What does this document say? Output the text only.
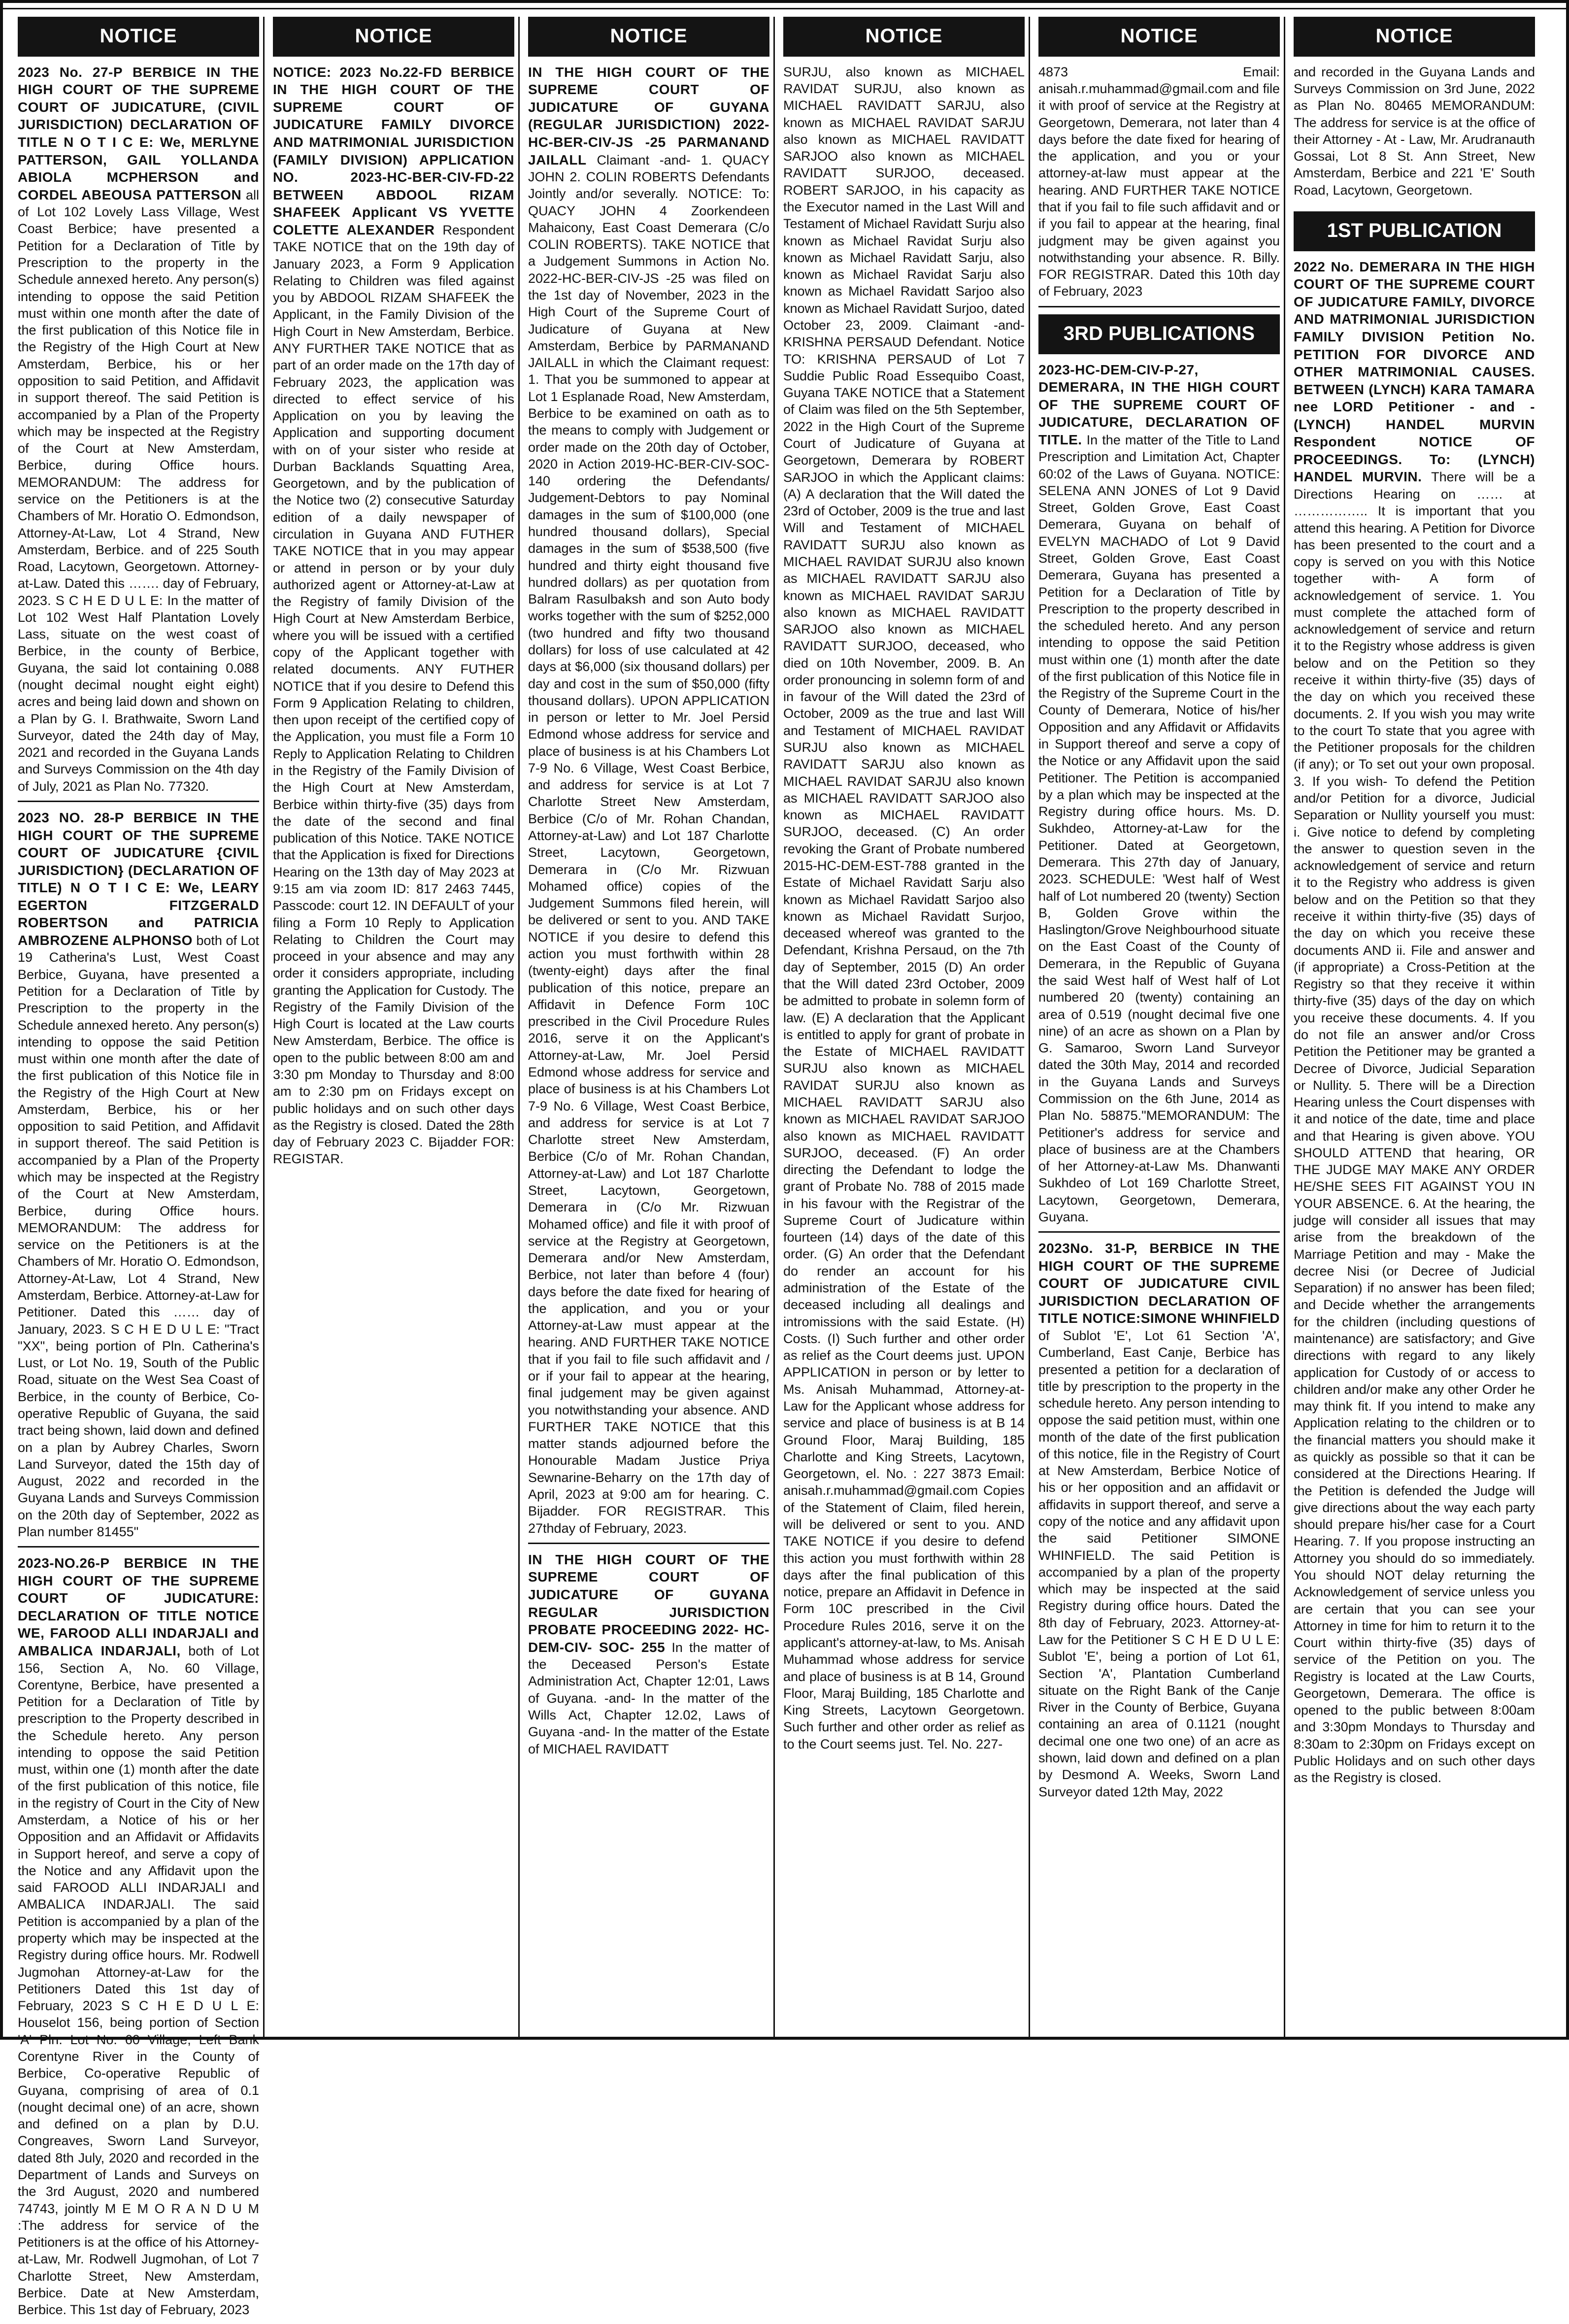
NOTICE

2023 No. 27-P BERBICE IN THE HIGH COURT OF THE SUPREME COURT OF JUDICATURE, (CIVIL JURISDICTION) DECLARATION OF TITLE N O T I C E: We, MERLYNE PATTERSON, GAIL YOLLANDA ABIOLA MCPHERSON and CORDEL ABEOUSA PATTERSON all of Lot 102 Lovely Lass Village, West Coast Berbice; have presented a Petition for a Declaration of Title by Prescription to the property in the Schedule annexed hereto. Any person(s) intending to oppose the said Petition must within one month after the date of the first publication of this Notice file in the Registry of the High Court at New Amsterdam, Berbice, his or her opposition to said Petition, and Affidavit in support thereof. The said Petition is accompanied by a Plan of the Property which may be inspected at the Registry of the Court at New Amsterdam, Berbice, during Office hours. MEMORANDUM: The address for service on the Petitioners is at the Chambers of Mr. Horatio O. Edmondson, Attorney-At-Law, Lot 4 Strand, New Amsterdam, Berbice. and of 225 South Road, Lacytown, Georgetown. Attorney-at-Law. Dated this ……. day of February, 2023. S C H E D U L E: In the matter of Lot 102 West Half Plantation Lovely Lass, situate on the west coast of Berbice, in the county of Berbice, Guyana, the said lot containing 0.088 (nought decimal nought eight eight) acres and being laid down and shown on a Plan by G. I. Brathwaite, Sworn Land Surveyor, dated the 24th day of May, 2021 and recorded in the Guyana Lands and Surveys Commission on the 4th day of July, 2021 as Plan No. 77320.

2023 NO. 28-P BERBICE IN THE HIGH COURT OF THE SUPREME COURT OF JUDICATURE {CIVIL JURISDICTION} (DECLARATION OF TITLE) N O T I C E: We, LEARY EGERTON FITZGERALD ROBERTSON and PATRICIA AMBROZENE ALPHONSO both of Lot 19 Catherina's Lust, West Coast Berbice, Guyana, have presented a Petition for a Declaration of Title by Prescription to the property in the Schedule annexed hereto. Any person(s) intending to oppose the said Petition must within one month after the date of the first publication of this Notice file in the Registry of the High Court at New Amsterdam, Berbice, his or her opposition to said Petition, and Affidavit in support thereof. The said Petition is accompanied by a Plan of the Property which may be inspected at the Registry of the Court at New Amsterdam, Berbice, during Office hours. MEMORANDUM: The address for service on the Petitioners is at the Chambers of Mr. Horatio O. Edmondson, Attorney-At-Law, Lot 4 Strand, New Amsterdam, Berbice. Attorney-at-Law for Petitioner. Dated this …… day of January, 2023. S C H E D U L E: "Tract "XX", being portion of Pln. Catherina's Lust, or Lot No. 19, South of the Public Road, situate on the West Sea Coast of Berbice, in the county of Berbice, Co-operative Republic of Guyana, the said tract being shown, laid down and defined on a plan by Aubrey Charles, Sworn Land Surveyor, dated the 15th day of August, 2022 and recorded in the Guyana Lands and Surveys Commission on the 20th day of September, 2022 as Plan number 81455"

2023-NO.26-P BERBICE IN THE HIGH COURT OF THE SUPREME COURT OF JUDICATURE: DECLARATION OF TITLE NOTICE WE, FAROOD ALLI INDARJALI and AMBALICA INDARJALI, both of Lot 156, Section A, No. 60 Village, Corentyne, Berbice, have presented a Petition for a Declaration of Title by prescription to the Property described in the Schedule hereto. Any person intending to oppose the said Petition must, within one (1) month after the date of the first publication of this notice, file in the registry of Court in the City of New Amsterdam, a Notice of his or her Opposition and an Affidavit or Affidavits in Support hereof, and serve a copy of the Notice and any Affidavit upon the said FAROOD ALLI INDARJALI and AMBALICA INDARJALI. The said Petition is accompanied by a plan of the property which may be inspected at the Registry during office hours. Mr. Rodwell Jugmohan Attorney-at-Law for the Petitioners Dated this 1st day of February, 2023 S C H E D U L E: Houselot 156, being portion of Section 'A' Pln. Lot No. 60 Village, Left Bank Corentyne River in the County of Berbice, Co-operative Republic of Guyana, comprising of area of 0.1 (nought decimal one) of an acre, shown and defined on a plan by D.U. Congreaves, Sworn Land Surveyor, dated 8th July, 2020 and recorded in the Department of Lands and Surveys on the 3rd August, 2020 and numbered 74743, jointly M E M O R A N D U M :The address for service of the Petitioners is at the office of his Attorney-at-Law, Mr. Rodwell Jugmohan, of Lot 7 Charlotte Street, New Amsterdam, Berbice. Date at New Amsterdam, Berbice. This 1st day of February, 2023

NOTICE

NOTICE: 2023 No.22-FD BERBICE IN THE HIGH COURT OF THE SUPREME COURT OF JUDICATURE FAMILY DIVORCE AND MATRIMONIAL JURISDICTION (FAMILY DIVISION) APPLICATION NO. 2023-HC-BER-CIV-FD-22 BETWEEN ABDOOL RIZAM SHAFEEK Applicant VS YVETTE COLETTE ALEXANDER Respondent TAKE NOTICE that on the 19th day of January 2023, a Form 9 Application Relating to Children was filed against you by ABDOOL RIZAM SHAFEEK the Applicant, in the Family Division of the High Court in New Amsterdam, Berbice. ANY FURTHER TAKE NOTICE that as part of an order made on the 17th day of February 2023, the application was directed to effect service of his Application on you by leaving the Application and supporting document with on of your sister who reside at Durban Backlands Squatting Area, Georgetown, and by the publication of the Notice two (2) consecutive Saturday edition of a daily newspaper of circulation in Guyana AND FUTHER TAKE NOTICE that in you may appear or attend in person or by your duly authorized agent or Attorney-at-Law at the Registry of family Division of the High Court at New Amsterdam Berbice, where you will be issued with a certified copy of the Applicant together with related documents. ANY FUTHER NOTICE that if you desire to Defend this Form 9 Application Relating to children, then upon receipt of the certified copy of the Application, you must file a Form 10 Reply to Application Relating to Children in the Registry of the Family Division of the High Court at New Amsterdam, Berbice within thirty-five (35) days from the date of the second and final publication of this Notice. TAKE NOTICE that the Application is fixed for Directions Hearing on the 13th day of May 2023 at 9:15 am via zoom ID: 817 2463 7445, Passcode: court 12. IN DEFAULT of your filing a Form 10 Reply to Application Relating to Children the Court may proceed in your absence and may any order it considers appropriate, including granting the Application for Custody. The Registry of the Family Division of the High Court is located at the Law courts New Amsterdam, Berbice. The office is open to the public between 8:00 am and 3:30 pm Monday to Thursday and 8:00 am to 2:30 pm on Fridays except on public holidays and on such other days as the Registry is closed. Dated the 28th day of February 2023 C. Bijadder FOR: REGISTAR.

NOTICE

IN THE HIGH COURT OF THE SUPREME COURT OF JUDICATURE OF GUYANA (REGULAR JURISDICTION) 2022-HC-BER-CIV-JS -25 PARMANAND JAILALL Claimant -and- 1. QUACY JOHN 2. COLIN ROBERTS Defendants Jointly and/or severally. NOTICE: To: QUACY JOHN 4 Zoorkendeen Mahaicony, East Coast Demerara (C/o COLIN ROBERTS). TAKE NOTICE that a Judgement Summons in Action No. 2022-HC-BER-CIV-JS -25 was filed on the 1st day of November, 2023 in the High Court of the Supreme Court of Judicature of Guyana at New Amsterdam, Berbice by PARMANAND JAILALL in which the Claimant request: 1. That you be summoned to appear at Lot 1 Esplanade Road, New Amsterdam, Berbice to be examined on oath as to the means to comply with Judgement or order made on the 20th day of October, 2020 in Action 2019-HC-BER-CIV-SOC-140 ordering the Defendants/ Judgement-Debtors to pay Nominal damages in the sum of $100,000 (one hundred thousand dollars), Special damages in the sum of $538,500 (five hundred and thirty eight thousand five hundred dollars) as per quotation from Balram Rasulbaksh and son Auto body works together with the sum of $252,000 (two hundred and fifty two thousand dollars) for loss of use calculated at 42 days at $6,000 (six thousand dollars) per day and cost in the sum of $50,000 (fifty thousand dollars). UPON APPLICATION in person or letter to Mr. Joel Persid Edmond whose address for service and place of business is at his Chambers Lot 7-9 No. 6 Village, West Coast Berbice, and address for service is at Lot 7 Charlotte Street New Amsterdam, Berbice (C/o of Mr. Rohan Chandan, Attorney-at-Law) and Lot 187 Charlotte Street, Lacytown, Georgetown, Demerara in (C/o Mr. Rizwuan Mohamed office) copies of the Judgement Summons filed herein, will be delivered or sent to you. AND TAKE NOTICE if you desire to defend this action you must forthwith within 28 (twenty-eight) days after the final publication of this notice, prepare an Affidavit in Defence Form 10C prescribed in the Civil Procedure Rules 2016, serve it on the Applicant's Attorney-at-Law, Mr. Joel Persid Edmond whose address for service and place of business is at his Chambers Lot 7-9 No. 6 Village, West Coast Berbice, and address for service is at Lot 7 Charlotte street New Amsterdam, Berbice (C/o of Mr. Rohan Chandan, Attorney-at-Law) and Lot 187 Charlotte Street, Lacytown, Georgetown, Demerara in (C/o Mr. Rizwuan Mohamed office) and file it with proof of service at the Registry at Georgetown, Demerara and/or New Amsterdam, Berbice, not later than before 4 (four) days before the date fixed for hearing of the application, and you or your Attorney-at-Law must appear at the hearing. AND FURTHER TAKE NOTICE that if you fail to file such affidavit and / or if your fail to appear at the hearing, final judgement may be given against you notwithstanding your absence. AND FURTHER TAKE NOTICE that this matter stands adjourned before the Honourable Madam Justice Priya Sewnarine-Beharry on the 17th day of April, 2023 at 9:00 am for hearing. C. Bijadder. FOR REGISTRAR. This 27thday of February, 2023.

IN THE HIGH COURT OF THE SUPREME COURT OF JUDICATURE OF GUYANA REGULAR JURISDICTION PROBATE PROCEEDING 2022- HC- DEM-CIV- SOC- 255 In the matter of the Deceased Person's Estate Administration Act, Chapter 12:01, Laws of Guyana. -and- In the matter of the Wills Act, Chapter 12.02, Laws of Guyana -and- In the matter of the Estate of MICHAEL RAVIDATT

NOTICE

SURJU, also known as MICHAEL RAVIDAT SURJU, also known as MICHAEL RAVIDATT SARJU, also known as MICHAEL RAVIDAT SARJU also known as MICHAEL RAVIDATT SARJOO also known as MICHAEL RAVIDATT SURJOO, deceased. ROBERT SARJOO, in his capacity as the Executor named in the Last Will and Testament of Michael Ravidatt Surju also known as Michael Ravidat Surju also known as Michael Ravidatt Sarju, also known as Michael Ravidat Sarju also known as Michael Ravidatt Sarjoo also known as Michael Ravidatt Surjoo, dated October 23, 2009. Claimant -and- KRISHNA PERSAUD Defendant. Notice TO: KRISHNA PERSAUD of Lot 7 Suddie Public Road Essequibo Coast, Guyana TAKE NOTICE that a Statement of Claim was filed on the 5th September, 2022 in the High Court of the Supreme Court of Judicature of Guyana at Georgetown, Demerara by ROBERT SARJOO in which the Applicant claims: (A) A declaration that the Will dated the 23rd of October, 2009 is the true and last Will and Testament of MICHAEL RAVIDATT SURJU also known as MICHAEL RAVIDAT SURJU also known as MICHAEL RAVIDATT SARJU also known as MICHAEL RAVIDAT SARJU also known as MICHAEL RAVIDATT SARJOO also known as MICHAEL RAVIDATT SURJOO, deceased, who died on 10th November, 2009. B. An order pronouncing in solemn form of and in favour of the Will dated the 23rd of October, 2009 as the true and last Will and Testament of MICHAEL RAVIDAT SURJU also known as MICHAEL RAVIDATT SARJU also known as MICHAEL RAVIDAT SARJU also known as MICHAEL RAVIDATT SARJOO also known as MICHAEL RAVIDATT SURJOO, deceased. (C) An order revoking the Grant of Probate numbered 2015-HC-DEM-EST-788 granted in the Estate of Michael Ravidatt Sarju also known as Michael Ravidatt Sarjoo also known as Michael Ravidatt Surjoo, deceased whereof was granted to the Defendant, Krishna Persaud, on the 7th day of September, 2015 (D) An order that the Will dated 23rd October, 2009 be admitted to probate in solemn form of law. (E) A declaration that the Applicant is entitled to apply for grant of probate in the Estate of MICHAEL RAVIDATT SURJU also known as MICHAEL RAVIDAT SURJU also known as MICHAEL RAVIDATT SARJU also known as MICHAEL RAVIDAT SARJOO also known as MICHAEL RAVIDATT SURJOO, deceased. (F) An order directing the Defendant to lodge the grant of Probate No. 788 of 2015 made in his favour with the Registrar of the Supreme Court of Judicature within fourteen (14) days of the date of this order. (G) An order that the Defendant do render an account for his administration of the Estate of the deceased including all dealings and intromissions with the said Estate. (H) Costs. (I) Such further and other order as relief as the Court deems just. UPON APPLICATION in person or by letter to Ms. Anisah Muhammad, Attorney-at- Law for the Applicant whose address for service and place of business is at B 14 Ground Floor, Maraj Building, 185 Charlotte and King Streets, Lacytown, Georgetown, el. No. : 227 3873 Email: anisah.r.muhammad@gmail.com Copies of the Statement of Claim, filed herein, will be delivered or sent to you. AND TAKE NOTICE if you desire to defend this action you must forthwith within 28 days after the final publication of this notice, prepare an Affidavit in Defence in Form 10C prescribed in the Civil Procedure Rules 2016, serve it on the applicant's attorney-at-law, to Ms. Anisah Muhammad whose address for service and place of business is at B 14, Ground Floor, Maraj Building, 185 Charlotte and King Streets, Lacytown Georgetown. Such further and other order as relief as to the Court seems just. Tel. No. 227-

NOTICE

4873 Email: anisah.r.muhammad@gmail.com and file it with proof of service at the Registry at Georgetown, Demerara, not later than 4 days before the date fixed for hearing of the application, and you or your attorney-at-law must appear at the hearing. AND FURTHER TAKE NOTICE that if you fail to file such affidavit and or if you fail to appear at the hearing, final judgment may be given against you notwithstanding your absence. R. Billy. FOR REGISTRAR. Dated this 10th day of February, 2023

3RD PUBLICATIONS

2023-HC-DEM-CIV-P-27, DEMERARA, IN THE HIGH COURT OF THE SUPREME COURT OF JUDICATURE, DECLARATION OF TITLE. In the matter of the Title to Land Prescription and Limitation Act, Chapter 60:02 of the Laws of Guyana. NOTICE: SELENA ANN JONES of Lot 9 David Street, Golden Grove, East Coast Demerara, Guyana on behalf of EVELYN MACHADO of Lot 9 David Street, Golden Grove, East Coast Demerara, Guyana has presented a Petition for a Declaration of Title by Prescription to the property described in the scheduled hereto. And any person intending to oppose the said Petition must within one (1) month after the date of the first publication of this Notice file in the Registry of the Supreme Court in the County of Demerara, Notice of his/her Opposition and any Affidavit or Affidavits in Support thereof and serve a copy of the Notice or any Affidavit upon the said Petitioner. The Petition is accompanied by a plan which may be inspected at the Registry during office hours. Ms. D. Sukhdeo, Attorney-at-Law for the Petitioner. Dated at Georgetown, Demerara. This 27th day of January, 2023. SCHEDULE: 'West half of West half of Lot numbered 20 (twenty) Section B, Golden Grove within the Haslington/Grove Neighbourhood situate on the East Coast of the County of Demerara, in the Republic of Guyana the said West half of West half of Lot numbered 20 (twenty) containing an area of 0.519 (nought decimal five one nine) of an acre as shown on a Plan by G. Samaroo, Sworn Land Surveyor dated the 30th May, 2014 and recorded in the Guyana Lands and Surveys Commission on the 6th June, 2014 as Plan No. 58875."MEMORANDUM: The Petitioner's address for service and place of business are at the Chambers of her Attorney-at-Law Ms. Dhanwanti Sukhdeo of Lot 169 Charlotte Street, Lacytown, Georgetown, Demerara, Guyana.

2023No. 31-P, BERBICE IN THE HIGH COURT OF THE SUPREME COURT OF JUDICATURE CIVIL JURISDICTION DECLARATION OF TITLE NOTICE:SIMONE WHINFIELD of Sublot 'E', Lot 61 Section 'A', Cumberland, East Canje, Berbice has presented a petition for a declaration of title by prescription to the property in the schedule hereto. Any person intending to oppose the said petition must, within one month of the date of the first publication of this notice, file in the Registry of Court at New Amsterdam, Berbice Notice of his or her opposition and an affidavit or affidavits in support thereof, and serve a copy of the notice and any affidavit upon the said Petitioner SIMONE WHINFIELD. The said Petition is accompanied by a plan of the property which may be inspected at the said Registry during office hours. Dated the 8th day of February, 2023. Attorney-at-Law for the Petitioner S C H E D U L E: Sublot 'E', being a portion of Lot 61, Section 'A', Plantation Cumberland situate on the Right Bank of the Canje River in the County of Berbice, Guyana containing an area of 0.1121 (nought decimal one one two one) of an acre as shown, laid down and defined on a plan by Desmond A. Weeks, Sworn Land Surveyor dated 12th May, 2022

NOTICE

and recorded in the Guyana Lands and Surveys Commission on 3rd June, 2022 as Plan No. 80465 MEMORANDUM: The address for service is at the office of their Attorney - At - Law, Mr. Arudranauth Gossai, Lot 8 St. Ann Street, New Amsterdam, Berbice and 221 'E' South Road, Lacytown, Georgetown.

1ST PUBLICATION

2022 No. DEMERARA IN THE HIGH COURT OF THE SUPREME COURT OF JUDICATURE FAMILY, DIVORCE AND MATRIMONIAL JURISDICTION FAMILY DIVISION Petition No. PETITION FOR DIVORCE AND OTHER MATRIMONIAL CAUSES. BETWEEN (LYNCH) KARA TAMARA nee LORD Petitioner - and - (LYNCH) HANDEL MURVIN Respondent NOTICE OF PROCEEDINGS. To: (LYNCH) HANDEL MURVIN. There will be a Directions Hearing on …… at …………….. It is important that you attend this hearing. A Petition for Divorce has been presented to the court and a copy is served on you with this Notice together with- A form of acknowledgement of service. 1. You must complete the attached form of acknowledgement of service and return it to the Registry whose address is given below and on the Petition so they receive it within thirty-five (35) days of the day on which you received these documents. 2. If you wish you may write to the court To state that you agree with the Petitioner proposals for the children (if any); or To set out your own proposal. 3. If you wish- To defend the Petition and/or Petition for a divorce, Judicial Separation or Nullity yourself you must: i. Give notice to defend by completing the answer to question seven in the acknowledgement of service and return it to the Registry who address is given below and on the Petition so that they receive it within thirty-five (35) days of the day on which you receive these documents AND ii. File and answer and (if appropriate) a Cross-Petition at the Registry so that they receive it within thirty-five (35) days of the day on which you receive these documents. 4. If you do not file an answer and/or Cross Petition the Petitioner may be granted a Decree of Divorce, Judicial Separation or Nullity. 5. There will be a Direction Hearing unless the Court dispenses with it and notice of the date, time and place and that Hearing is given above. YOU SHOULD ATTEND that hearing, OR THE JUDGE MAY MAKE ANY ORDER HE/SHE SEES FIT AGAINST YOU IN YOUR ABSENCE. 6. At the hearing, the judge will consider all issues that may arise from the breakdown of the Marriage Petition and may - Make the decree Nisi (or Decree of Judicial Separation) if no answer has been filed; and Decide whether the arrangements for the children (including questions of maintenance) are satisfactory; and Give directions with regard to any likely application for Custody of or access to children and/or make any other Order he may think fit. If you intend to make any Application relating to the children or to the financial matters you should make it as quickly as possible so that it can be considered at the Directions Hearing. If the Petition is defended the Judge will give directions about the way each party should prepare his/her case for a Court Hearing. 7. If you propose instructing an Attorney you should do so immediately. You should NOT delay returning the Acknowledgement of service unless you are certain that you can see your Attorney in time for him to return it to the Court within thirty-five (35) days of service of the Petition on you. The Registry is located at the Law Courts, Georgetown, Demerara. The office is opened to the public between 8:00am and 3:30pm Mondays to Thursday and 8:30am to 2:30pm on Fridays except on Public Holidays and on such other days as the Registry is closed.
